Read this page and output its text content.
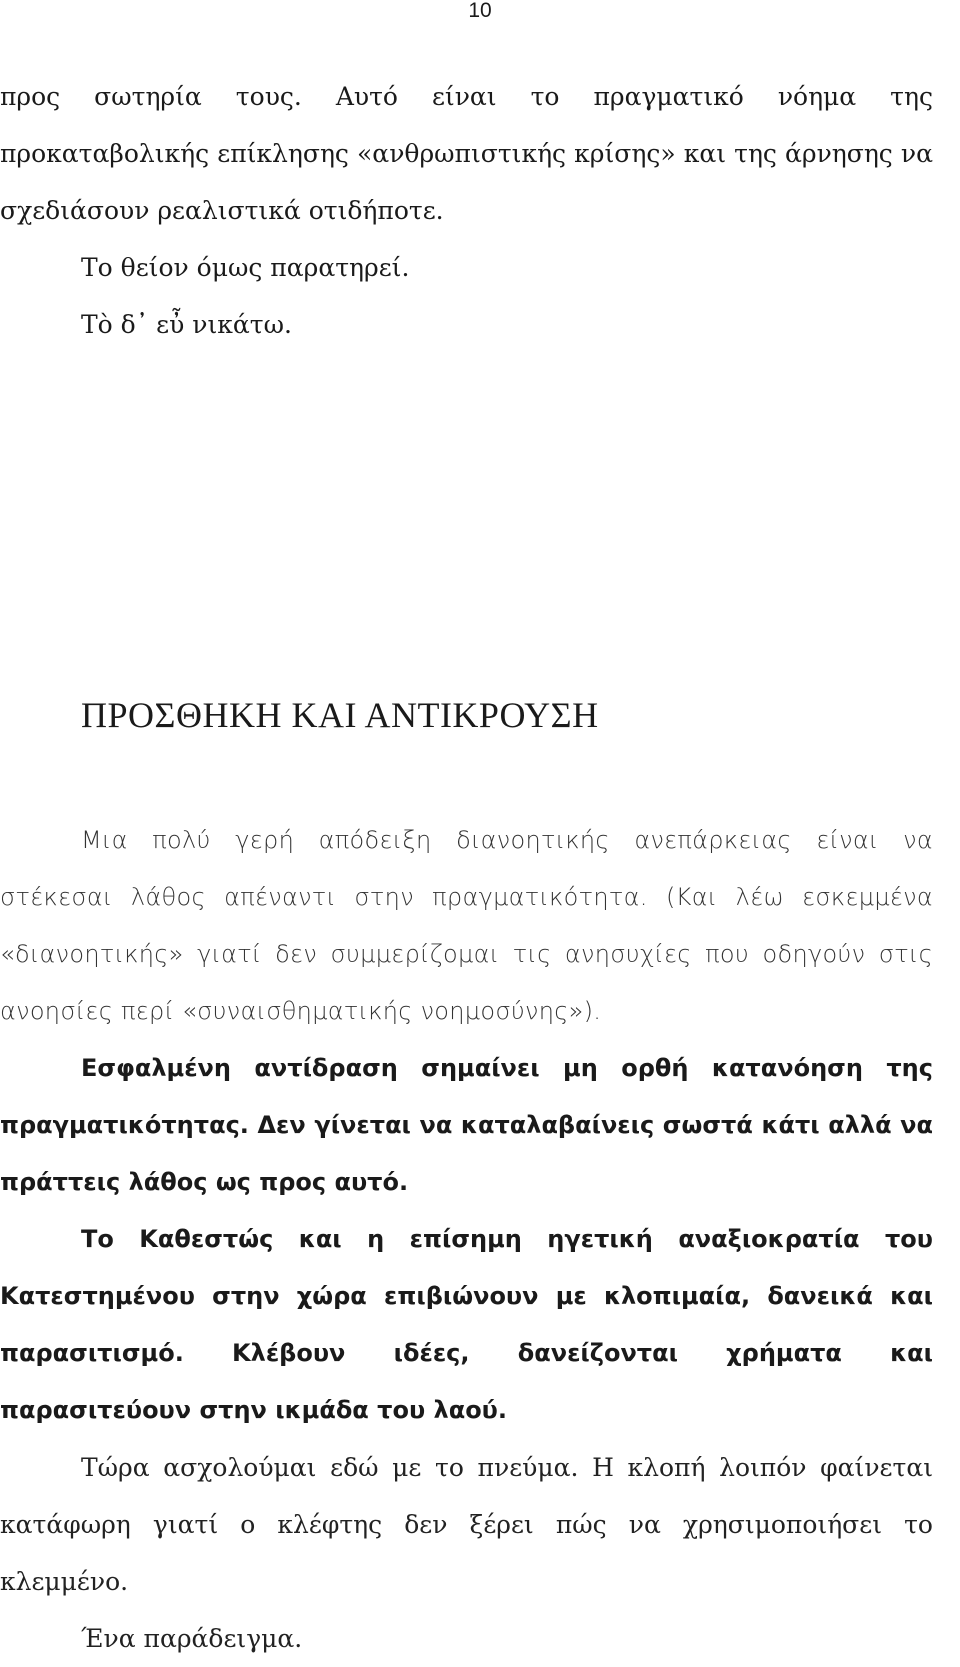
10

προς σωτηρία τους. Αυτό είναι το πραγματικό νόημα της προκαταβολικής επίκλησης «ανθρωπιστικής κρίσης» και της άρνησης να σχεδιάσουν ρεαλιστικά οτιδήποτε.

Το θείον όμως παρατηρεί.

Τὸ δ᾽ εὖ νικάτω.

ΠΡΟΣΘΗΚΗ ΚΑΙ ΑΝΤΙΚΡΟΥΣΗ

Μια πολύ γερή απόδειξη διανοητικής ανεπάρκειας είναι να στέκεσαι λάθος απέναντι στην πραγματικότητα. (Και λέω εσκεμμένα «διανοητικής» γιατί δεν συμμερίζομαι τις ανησυχίες που οδηγούν στις ανοησίες περί «συναισθηματικής νοημοσύνης»).

Εσφαλμένη αντίδραση σημαίνει μη ορθή κατανόηση της πραγματικότητας. Δεν γίνεται να καταλαβαίνεις σωστά κάτι αλλά να πράττεις λάθος ως προς αυτό.

Το Καθεστώς και η επίσημη ηγετική αναξιοκρατία του Κατεστημένου στην χώρα επιβιώνουν με κλοπιμαία, δανεικά και παρασιτισμό. Κλέβουν ιδέες, δανείζονται χρήματα και παρασιτεύουν στην ικμάδα του λαού.

Τώρα ασχολούμαι εδώ με το πνεύμα. Η κλοπή λοιπόν φαίνεται κατάφωρη γιατί ο κλέφτης δεν ξέρει πώς να χρησιμοποιήσει το κλεμμένο.

Ένα παράδειγμα.
